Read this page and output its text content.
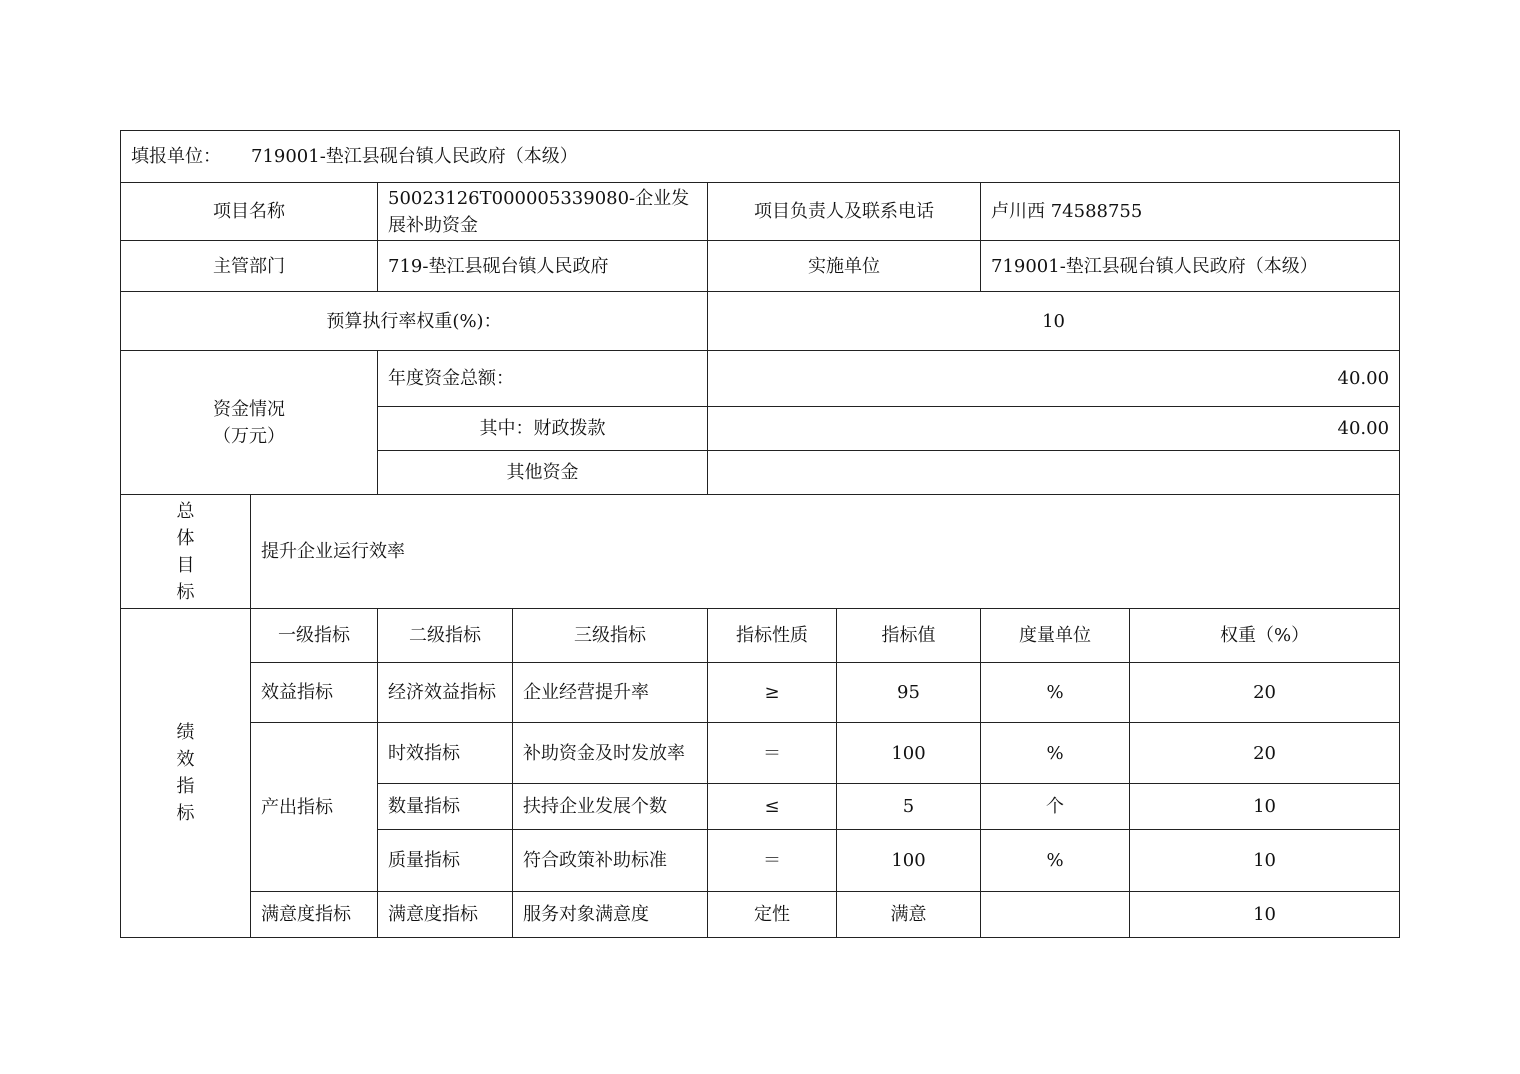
填报单位： 719001-垫江县砚台镇人民政府（本级）							
项目名称		50023126T000005339080-企业发展补助资金		项目负责人及联系电话		卢川西 74588755	
主管部门		719-垫江县砚台镇人民政府		实施单位		719001-垫江县砚台镇人民政府（本级）	
预算执行率权重(%)：				10			

资金情况
（万元）		年度资金总额：		40.00			
		其中：财政拨款		40.00			
		其他资金					

总
体
目
标	提升企业运行效率						

绩
效
指
标	一级指标	二级指标	三级指标	指标性质	指标值	度量单位	权重（%）
	效益指标	经济效益指标	企业经营提升率	≥	95	%	20
	产出指标	时效指标	补助资金及时发放率	＝	100	%	20
		数量指标	扶持企业发展个数	≤	5	个	10
		质量指标	符合政策补助标准	＝	100	%	10
	满意度指标	满意度指标	服务对象满意度	定性	满意		10
